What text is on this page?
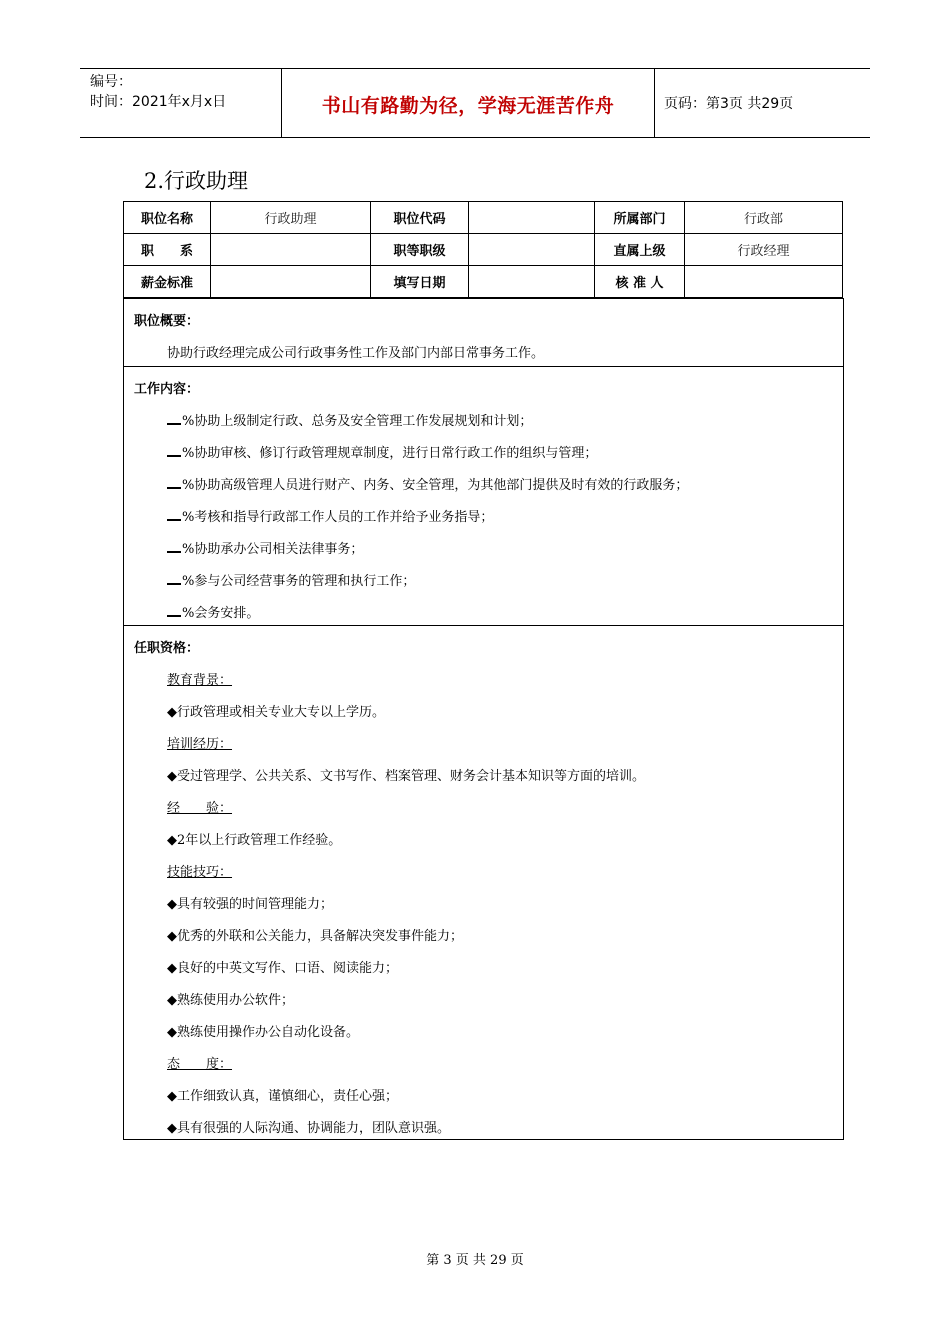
编号：
时间：2021年x月x日	书山有路勤为径，学海无涯苦作舟	页码：第3页 共29页
2.行政助理
职位名称	行政助理	职位代码		所属部门	行政部
职　　系		职等职级		直属上级	行政经理
薪金标准		填写日期		核 准 人	
职位概要：
协助行政经理完成公司行政事务性工作及部门内部日常事务工作。
工作内容：
%协助上级制定行政、总务及安全管理工作发展规划和计划；
%协助审核、修订行政管理规章制度，进行日常行政工作的组织与管理；
%协助高级管理人员进行财产、内务、安全管理，为其他部门提供及时有效的行政服务；
%考核和指导行政部工作人员的工作并给予业务指导；
%协助承办公司相关法律事务；
%参与公司经营事务的管理和执行工作；
%会务安排。
任职资格：
教育背景：
◆行政管理或相关专业大专以上学历。
培训经历：
◆受过管理学、公共关系、文书写作、档案管理、财务会计基本知识等方面的培训。
经　　验：
◆2年以上行政管理工作经验。
技能技巧：
◆具有较强的时间管理能力；
◆优秀的外联和公关能力，具备解决突发事件能力；
◆良好的中英文写作、口语、阅读能力；
◆熟练使用办公软件；
◆熟练使用操作办公自动化设备。
态　　度：
◆工作细致认真，谨慎细心，责任心强；
◆具有很强的人际沟通、协调能力，团队意识强。
第 3 页 共 29 页
